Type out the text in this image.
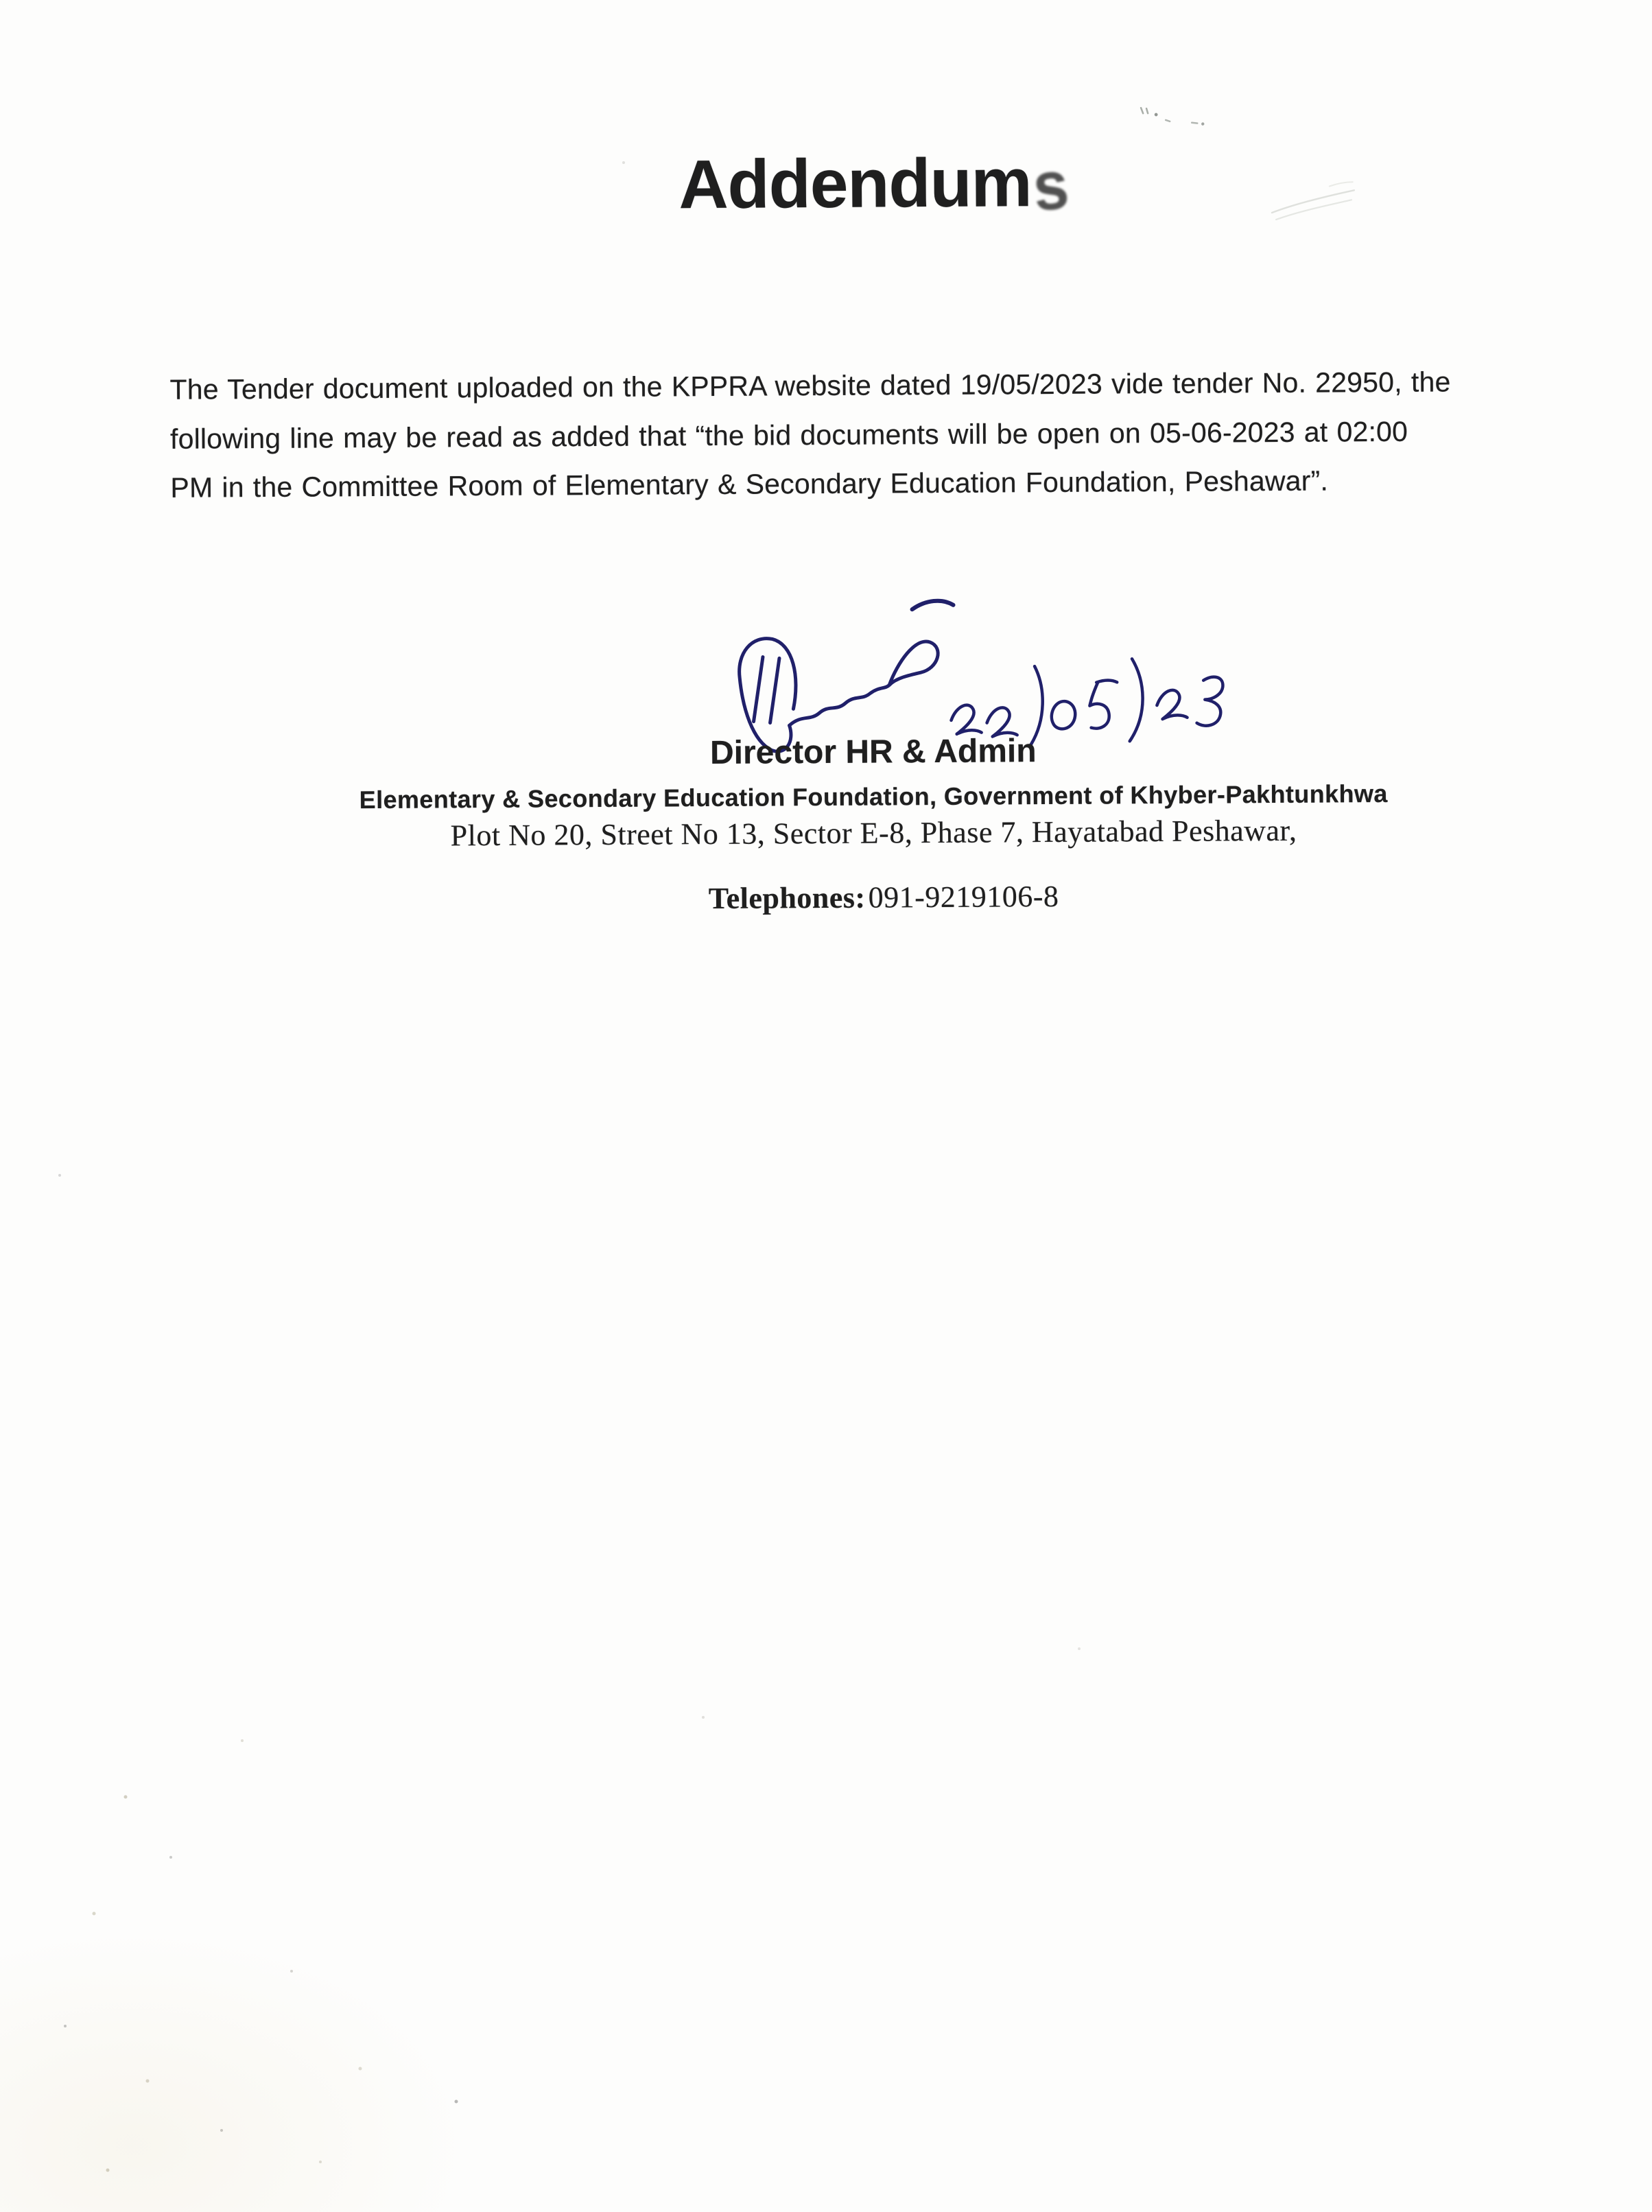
Addendums
The Tender document uploaded on the KPPRA website dated 19/05/2023 vide tender No. 22950, the
following line may be read as added that “the bid documents will be open on 05-06-2023 at 02:00
PM in the Committee Room of Elementary & Secondary Education Foundation, Peshawar”.
Director HR & Admin
Elementary & Secondary Education Foundation, Government of Khyber-Pakhtunkhwa
Plot No 20, Street No 13, Sector E-8, Phase 7, Hayatabad Peshawar,
Telephones:091-9219106-8
